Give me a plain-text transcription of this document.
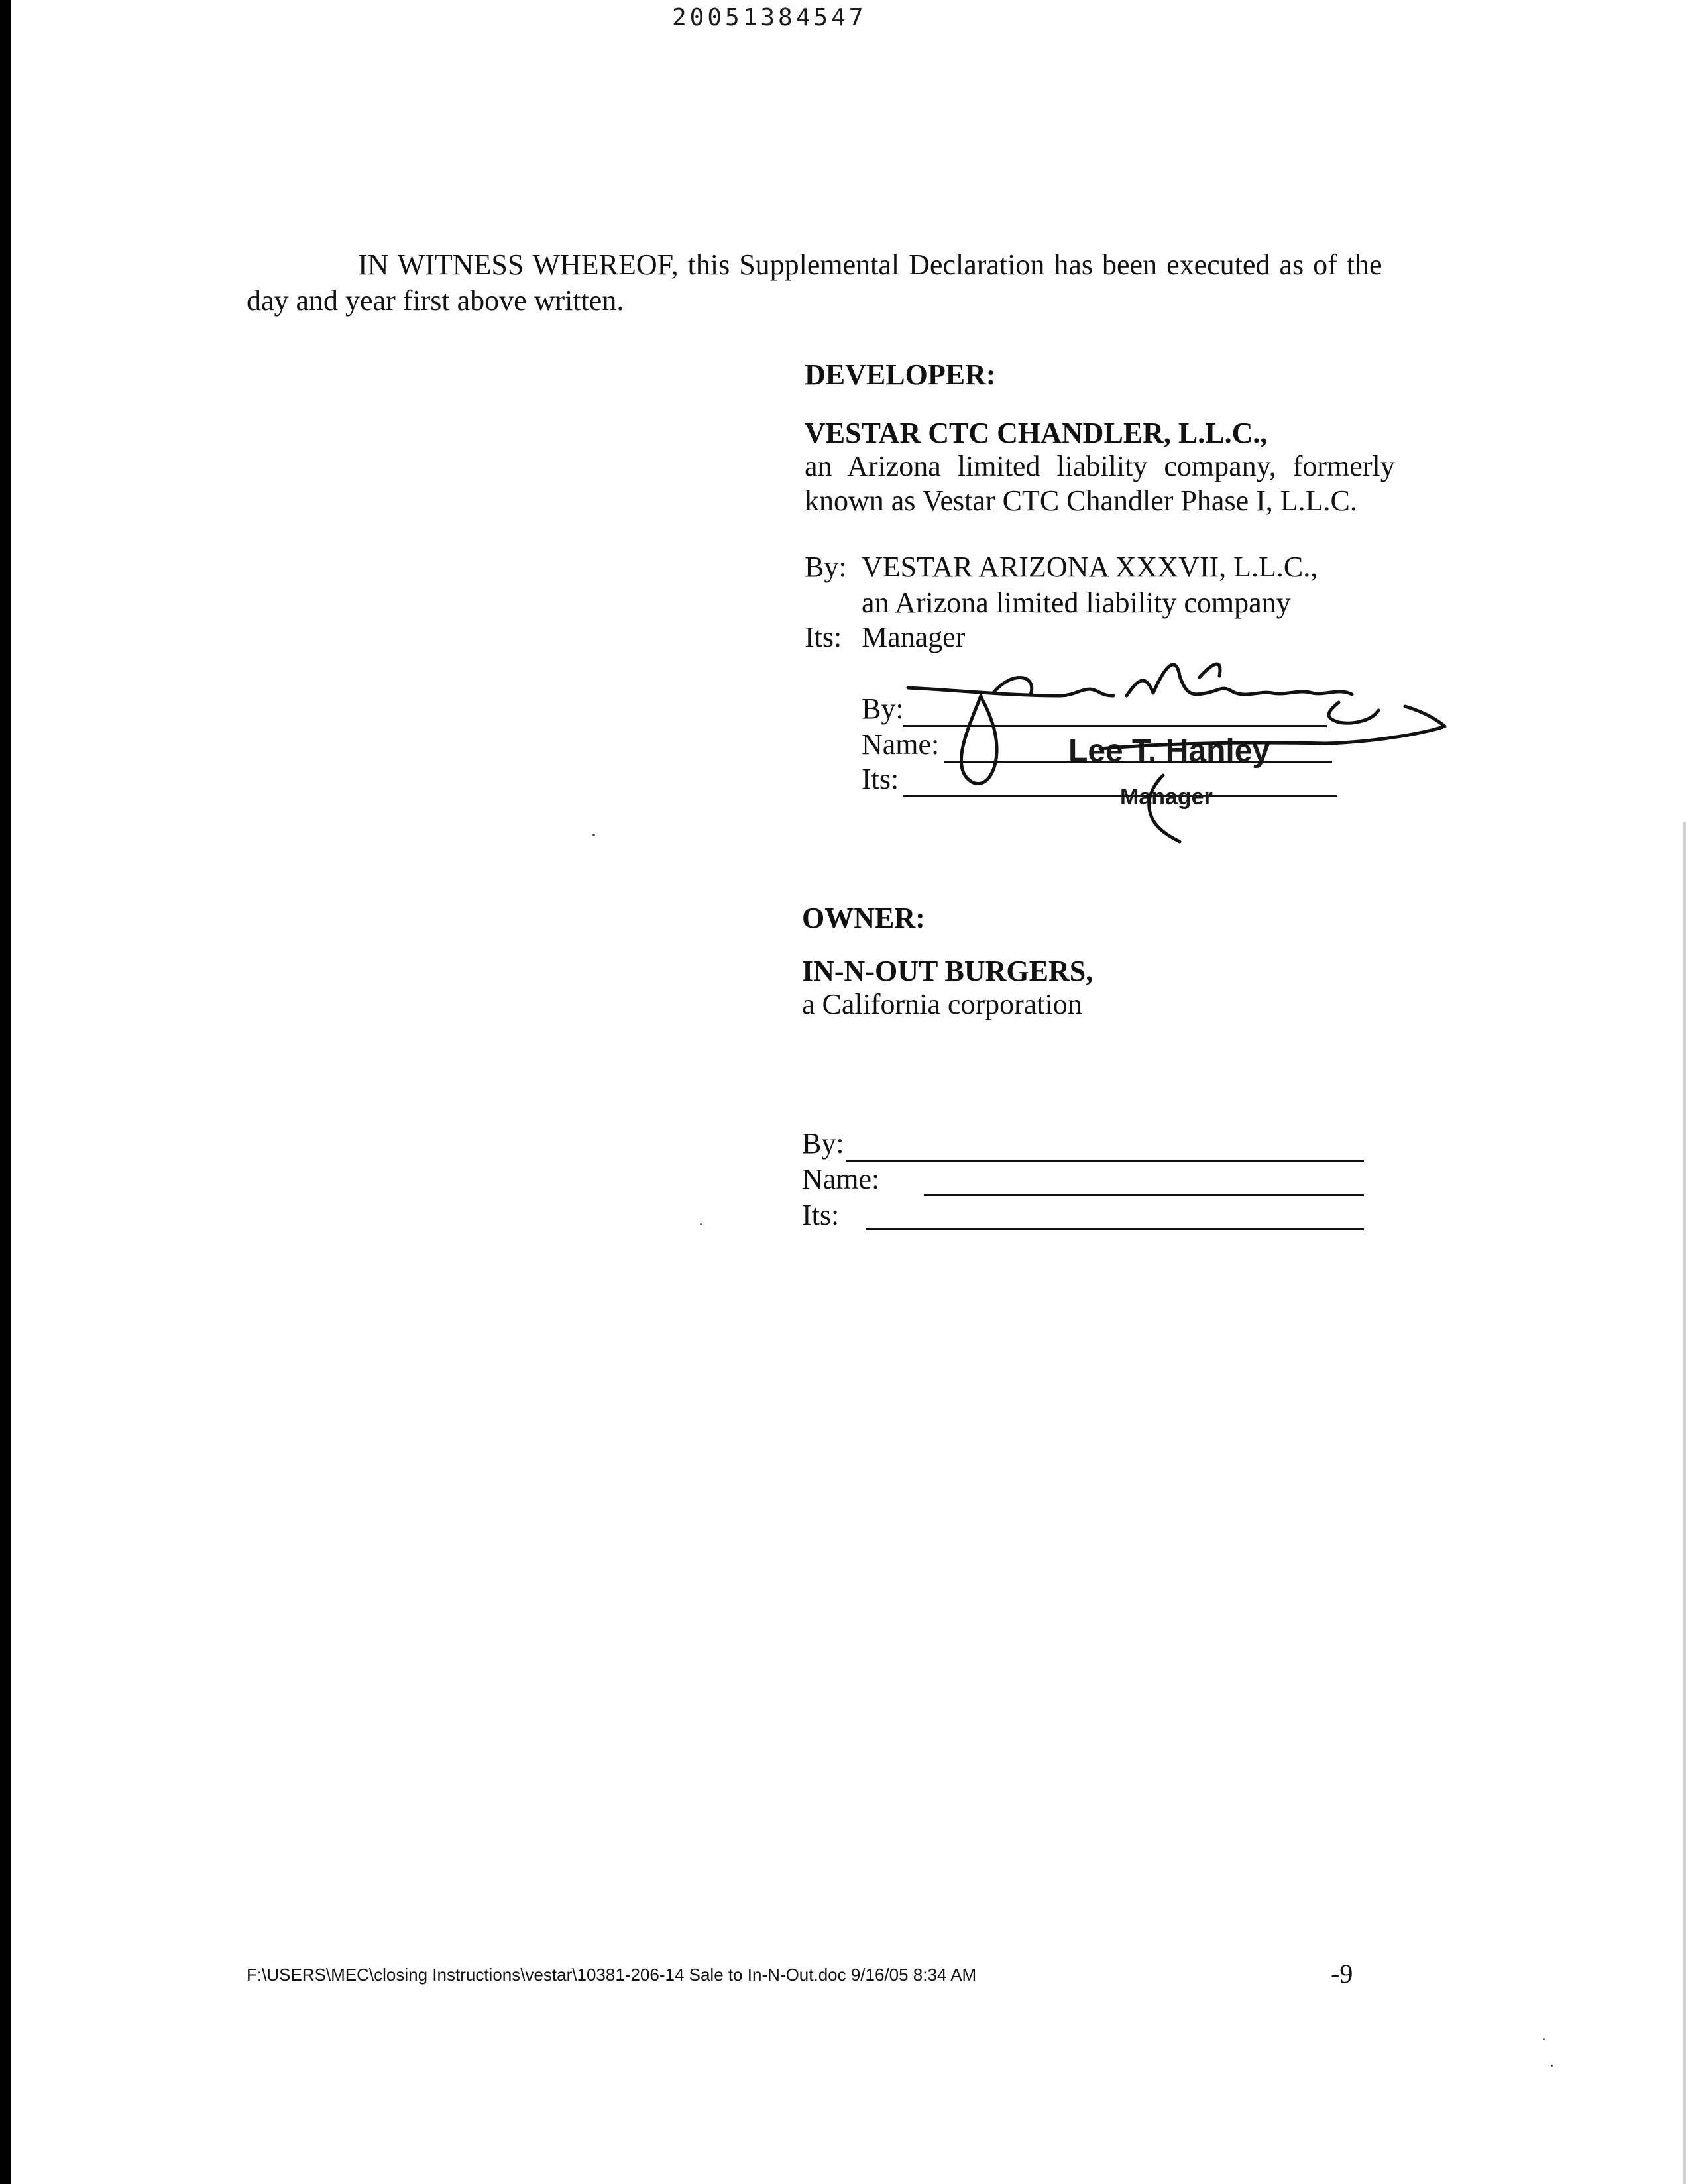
20051384547
IN WITNESS WHEREOF, this Supplemental Declaration has been executed as of the
day and year first above written.
DEVELOPER:
VESTAR CTC CHANDLER, L.L.C.,
an Arizona limited liability company, formerly
known as Vestar CTC Chandler Phase I, L.L.C.
By: VESTAR ARIZONA XXXVII, L.L.C.,
an Arizona limited liability company
Its: Manager
By:
Name:	Lee T. Hanley
Its:
Manager
OWNER:
IN-N-OUT BURGERS,
a California corporation
By:
Name:
Its:
F:\USERS\MEC\closing Instructions\vestar\10381-206-14 Sale to In-N-Out.doc 9/16/05 8:34 AM	-9
